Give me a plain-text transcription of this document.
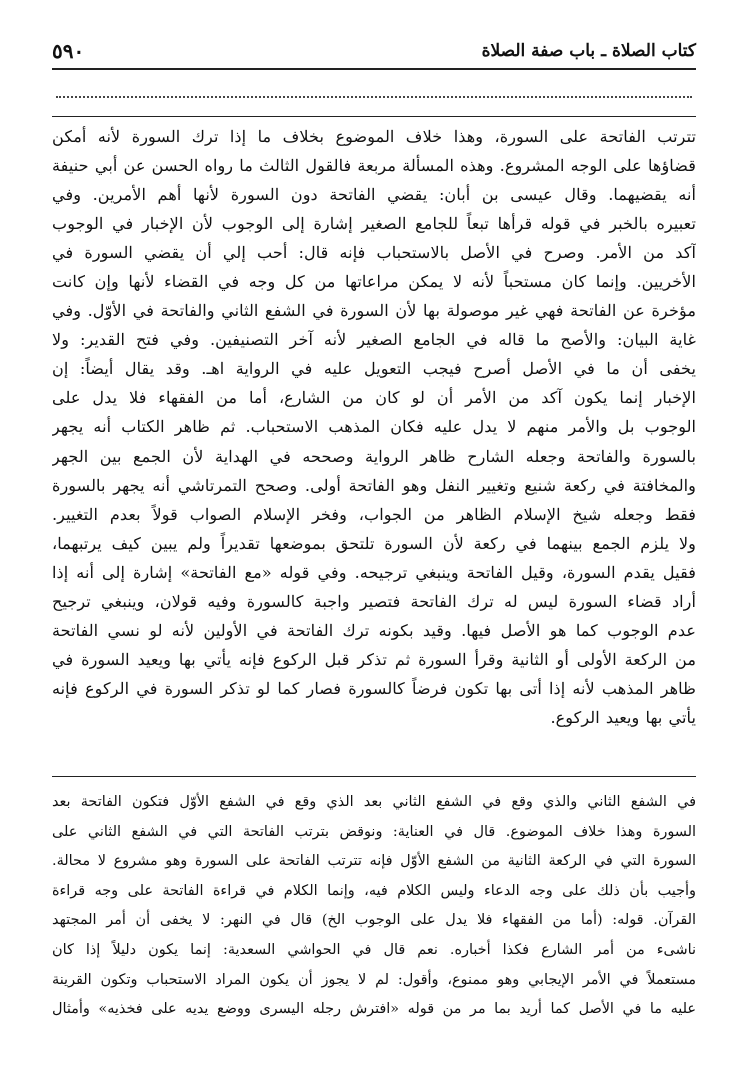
٥٩٠	كتاب الصلاة ـ باب صفة الصلاة
تترتب الفاتحة على السورة، وهذا خلاف الموضوع بخلاف ما إذا ترك السورة لأنه أمكن
قضاؤها على الوجه المشروع. وهذه المسألة مربعة فالقول الثالث ما رواه الحسن عن أبي حنيفة
أنه يقضيهما. وقال عيسى بن أبان: يقضي الفاتحة دون السورة لأنها أهم الأمرين. وفي
تعبيره بالخبر في قوله قرأها تبعاً للجامع الصغير إشارة إلى الوجوب لأن الإخبار في الوجوب
آكد من الأمر. وصرح في الأصل بالاستحباب فإنه قال: أحب إلي أن يقضي السورة في
الأخريين. وإنما كان مستحباً لأنه لا يمكن مراعاتها من كل وجه في القضاء لأنها وإن كانت
مؤخرة عن الفاتحة فهي غير موصولة بها لأن السورة في الشفع الثاني والفاتحة في الأوّل. وفي
غاية البيان: والأصح ما قاله في الجامع الصغير لأنه آخر التصنيفين. وفي فتح القدير: ولا
يخفى أن ما في الأصل أصرح فيجب التعويل عليه في الرواية اهـ. وقد يقال أيضاً: إن
الإخبار إنما يكون آكد من الأمر أن لو كان من الشارع، أما من الفقهاء فلا يدل على
الوجوب بل والأمر منهم لا يدل عليه فكان المذهب الاستحباب. ثم ظاهر الكتاب أنه يجهر
بالسورة والفاتحة وجعله الشارح ظاهر الرواية وصححه في الهداية لأن الجمع بين الجهر
والمخافتة في ركعة شنيع وتغيير النفل وهو الفاتحة أولى. وصحح التمرتاشي أنه يجهر بالسورة
فقط وجعله شيخ الإسلام الظاهر من الجواب، وفخر الإسلام الصواب قولاً بعدم التغيير.
ولا يلزم الجمع بينهما في ركعة لأن السورة تلتحق بموضعها تقديراً ولم يبين كيف يرتبهما،
فقيل يقدم السورة، وقيل الفاتحة وينبغي ترجيحه. وفي قوله «مع الفاتحة» إشارة إلى أنه إذا
أراد قضاء السورة ليس له ترك الفاتحة فتصير واجبة كالسورة وفيه قولان، وينبغي ترجيح
عدم الوجوب كما هو الأصل فيها. وقيد بكونه ترك الفاتحة في الأولين لأنه لو نسي الفاتحة
من الركعة الأولى أو الثانية وقرأ السورة ثم تذكر قبل الركوع فإنه يأتي بها ويعيد السورة في
ظاهر المذهب لأنه إذا أتى بها تكون فرضاً كالسورة فصار كما لو تذكر السورة في الركوع فإنه
يأتي بها ويعيد الركوع.
في الشفع الثاني والذي وقع في الشفع الثاني بعد الذي وقع في الشفع الأوّل فتكون الفاتحة بعد
السورة وهذا خلاف الموضوع. قال في العناية: ونوقض بترتب الفاتحة التي في الشفع الثاني على
السورة التي في الركعة الثانية من الشفع الأوّل فإنه تترتب الفاتحة على السورة وهو مشروع لا محالة.
وأجيب بأن ذلك على وجه الدعاء وليس الكلام فيه، وإنما الكلام في قراءة الفاتحة على وجه قراءة
القرآن. قوله: (أما من الفقهاء فلا يدل على الوجوب الخ) قال في النهر: لا يخفى أن أمر المجتهد
ناشىء من أمر الشارع فكذا أخباره. نعم قال في الحواشي السعدية: إنما يكون دليلاً إذا كان
مستعملاً في الأمر الإيجابي وهو ممنوع، وأقول: لم لا يجوز أن يكون المراد الاستحباب وتكون القرينة
عليه ما في الأصل كما أريد بما مر من قوله «افترش رجله اليسرى ووضع يديه على فخذيه» وأمثال
